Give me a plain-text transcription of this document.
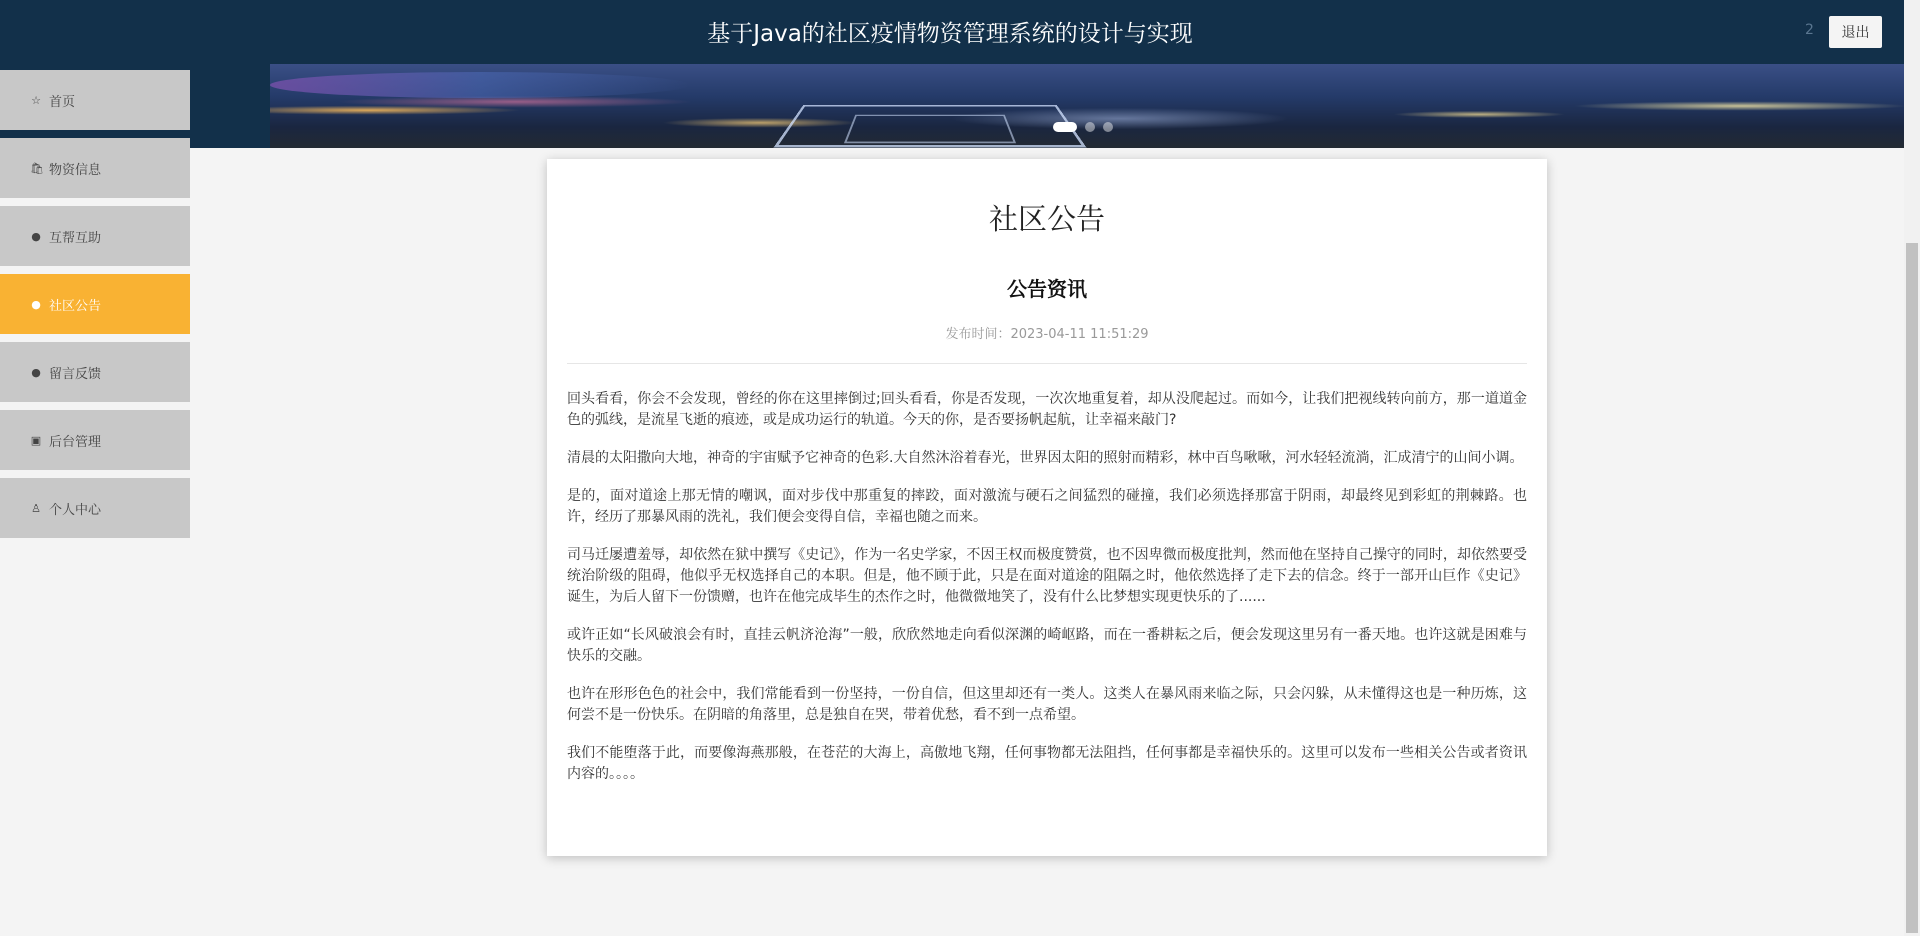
基于Java的社区疫情物资管理系统的设计与实现	2	退出
☆ 首页
🛍︎ 物资信息
● 互帮互助
● 社区公告
● 留言反馈
▣ 后台管理
♙ 个人中心
社区公告
公告资讯
发布时间：2023-04-11 11:51:29

回头看看，你会不会发现，曾经的你在这里摔倒过;回头看看，你是否发现，一次次地重复着，却从没爬起过。而如今，让我们把视线转向前方，那一道道金色的弧线，是流星飞逝的痕迹，或是成功运行的轨道。今天的你，是否要扬帆起航，让幸福来敲门?

清晨的太阳撒向大地，神奇的宇宙赋予它神奇的色彩.大自然沐浴着春光，世界因太阳的照射而精彩，林中百鸟啾啾，河水轻轻流淌，汇成清宁的山间小调。

是的，面对道途上那无情的嘲讽，面对步伐中那重复的摔跤，面对激流与硬石之间猛烈的碰撞，我们必须选择那富于阴雨，却最终见到彩虹的荆棘路。也许，经历了那暴风雨的洗礼，我们便会变得自信，幸福也随之而来。

司马迁屡遭羞辱，却依然在狱中撰写《史记》，作为一名史学家，不因王权而极度赞赏，也不因卑微而极度批判，然而他在坚持自己操守的同时，却依然要受统治阶级的阻碍，他似乎无权选择自己的本职。但是，他不顾于此，只是在面对道途的阻隔之时，他依然选择了走下去的信念。终于一部开山巨作《史记》诞生，为后人留下一份馈赠，也许在他完成毕生的杰作之时，他微微地笑了，没有什么比梦想实现更快乐的了......

或许正如“长风破浪会有时，直挂云帆济沧海”一般，欣欣然地走向看似深渊的崎岖路，而在一番耕耘之后，便会发现这里另有一番天地。也许这就是困难与快乐的交融。

也许在形形色色的社会中，我们常能看到一份坚持，一份自信，但这里却还有一类人。这类人在暴风雨来临之际，只会闪躲，从未懂得这也是一种历炼，这何尝不是一份快乐。在阴暗的角落里，总是独自在哭，带着优愁，看不到一点希望。

我们不能堕落于此，而要像海燕那般，在苍茫的大海上，高傲地飞翔，任何事物都无法阻挡，任何事都是幸福快乐的。这里可以发布一些相关公告或者资讯内容的。。。。
